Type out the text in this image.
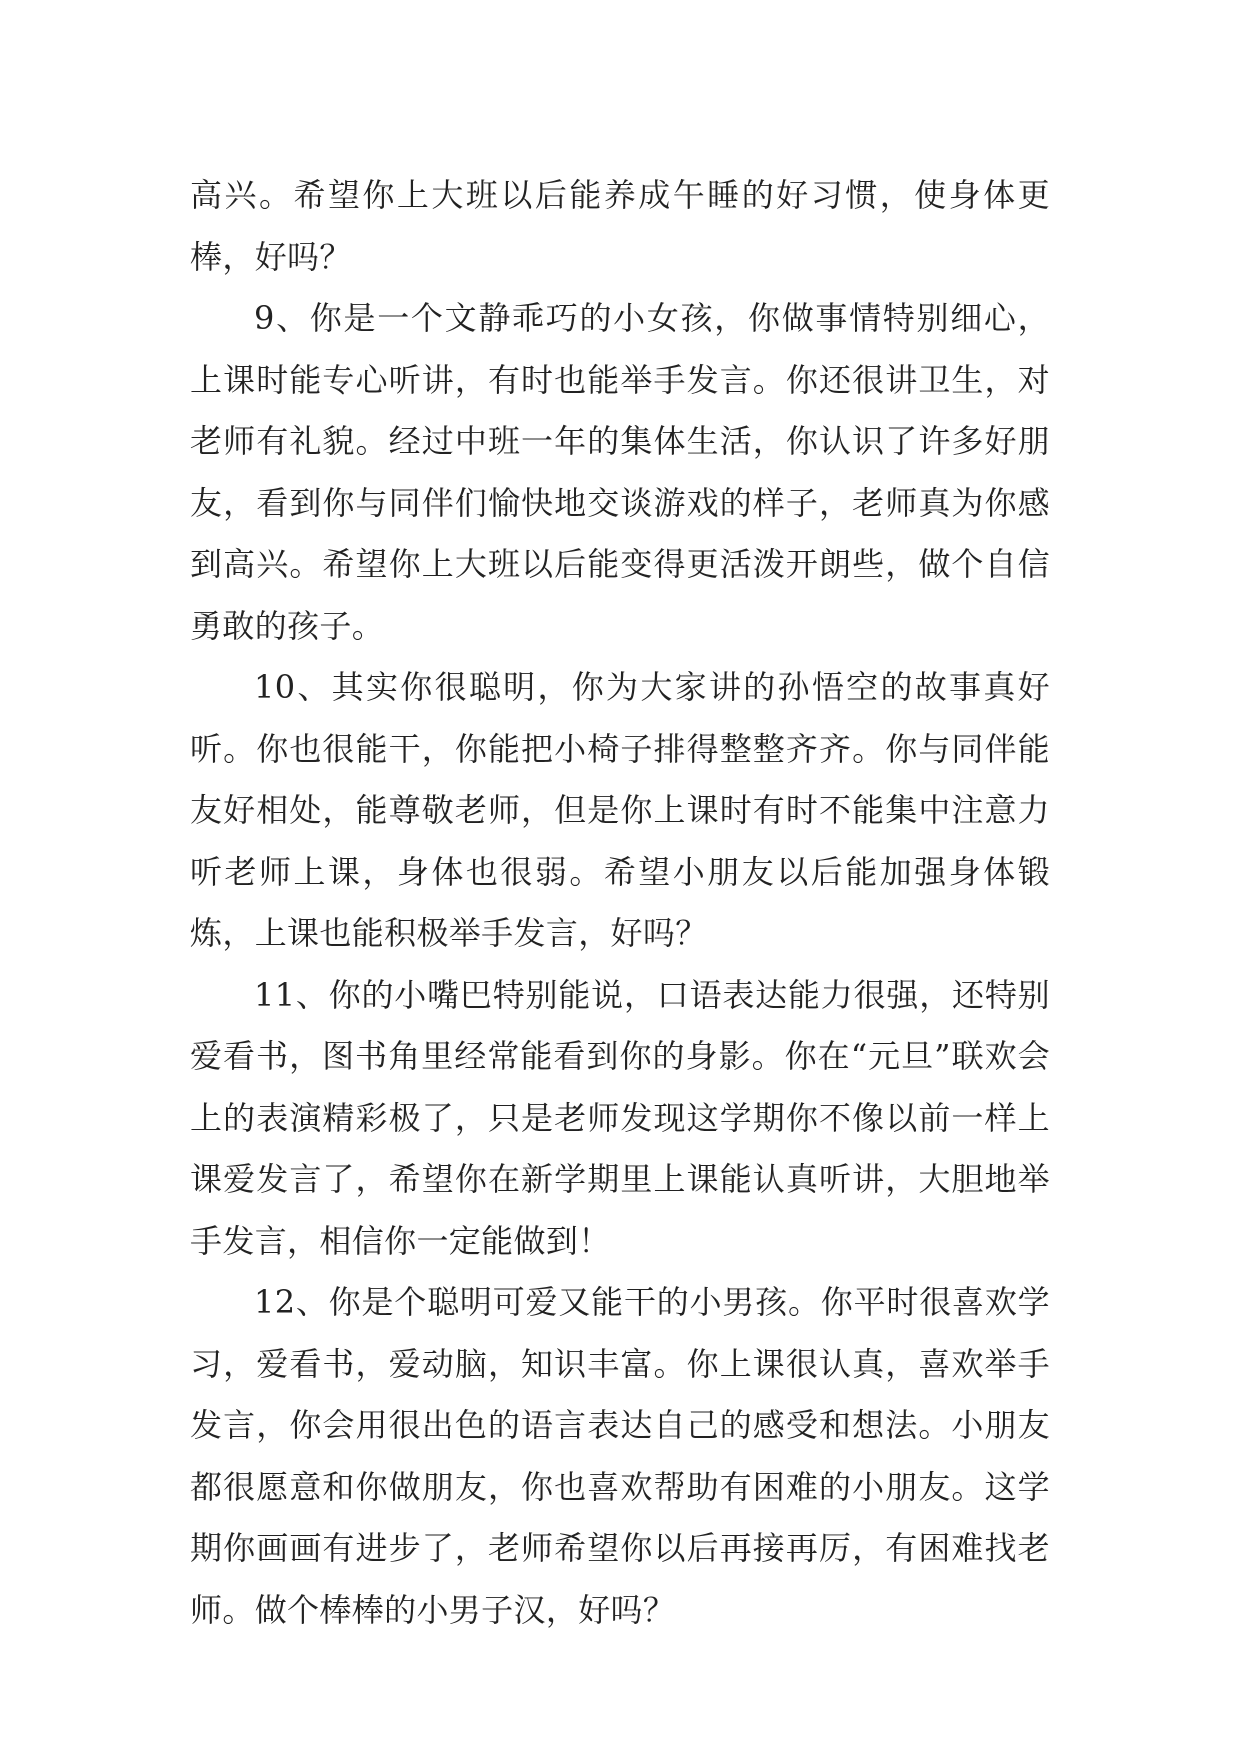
高兴。希望你上大班以后能养成午睡的好习惯，使身体更棒，好吗？

9、你是一个文静乖巧的小女孩，你做事情特别细心，上课时能专心听讲，有时也能举手发言。你还很讲卫生，对老师有礼貌。经过中班一年的集体生活，你认识了许多好朋友，看到你与同伴们愉快地交谈游戏的样子，老师真为你感到高兴。希望你上大班以后能变得更活泼开朗些，做个自信勇敢的孩子。

10、其实你很聪明，你为大家讲的孙悟空的故事真好听。你也很能干，你能把小椅子排得整整齐齐。你与同伴能友好相处，能尊敬老师，但是你上课时有时不能集中注意力听老师上课，身体也很弱。希望小朋友以后能加强身体锻炼，上课也能积极举手发言，好吗？

11、你的小嘴巴特别能说，口语表达能力很强，还特别爱看书，图书角里经常能看到你的身影。你在“元旦”联欢会上的表演精彩极了，只是老师发现这学期你不像以前一样上课爱发言了，希望你在新学期里上课能认真听讲，大胆地举手发言，相信你一定能做到！

12、你是个聪明可爱又能干的小男孩。你平时很喜欢学习，爱看书，爱动脑，知识丰富。你上课很认真，喜欢举手发言，你会用很出色的语言表达自己的感受和想法。小朋友都很愿意和你做朋友，你也喜欢帮助有困难的小朋友。这学期你画画有进步了，老师希望你以后再接再厉，有困难找老师。做个棒棒的小男子汉，好吗？
